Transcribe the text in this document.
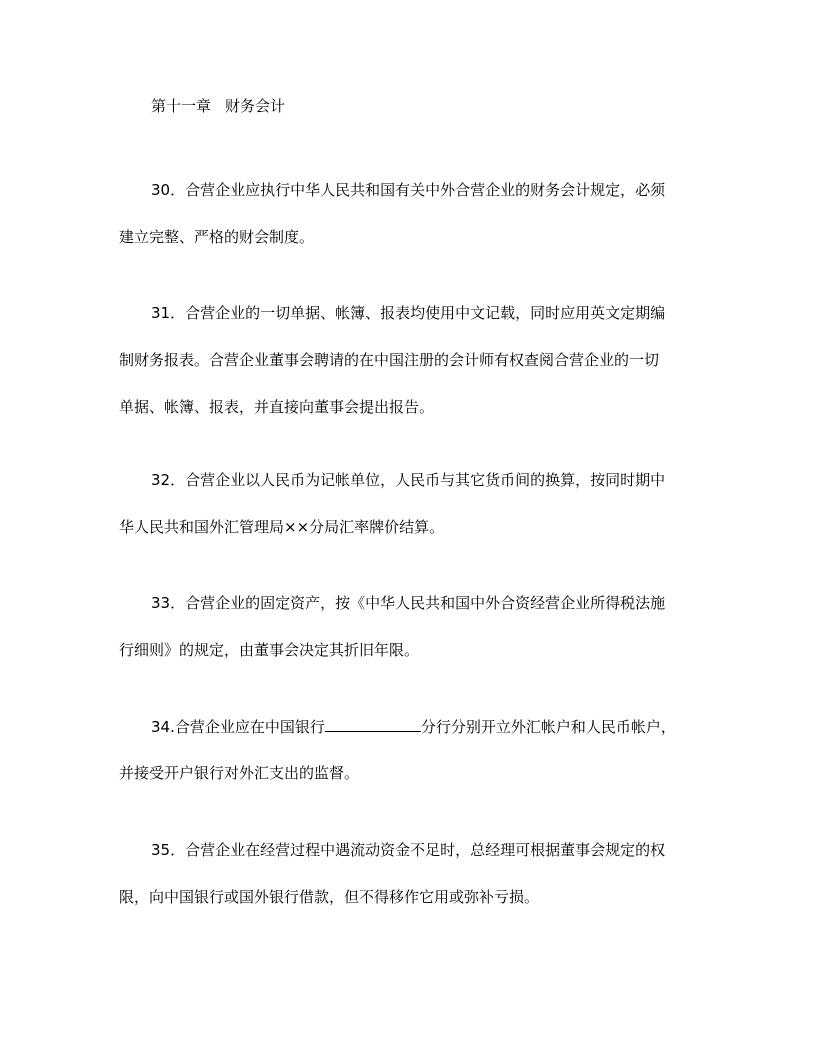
第十一章 财务会计
30．合营企业应执行中华人民共和国有关中外合营企业的财务会计规定，必须
建立完整、严格的财会制度。
31．合营企业的一切单据、帐簿、报表均使用中文记载，同时应用英文定期编
制财务报表。合营企业董事会聘请的在中国注册的会计师有权查阅合营企业的一切
单据、帐簿、报表，并直接向董事会提出报告。
32．合营企业以人民币为记帐单位，人民币与其它货币间的换算，按同时期中
华人民共和国外汇管理局××分局汇率牌价结算。
33．合营企业的固定资产，按《中华人民共和国中外合资经营企业所得税法施
行细则》的规定，由董事会决定其折旧年限。
34.合营企业应在中国银行	分行分别开立外汇帐户和人民币帐户，
并接受开户银行对外汇支出的监督。
35．合营企业在经营过程中遇流动资金不足时，总经理可根据董事会规定的权
限，向中国银行或国外银行借款，但不得移作它用或弥补亏损。
